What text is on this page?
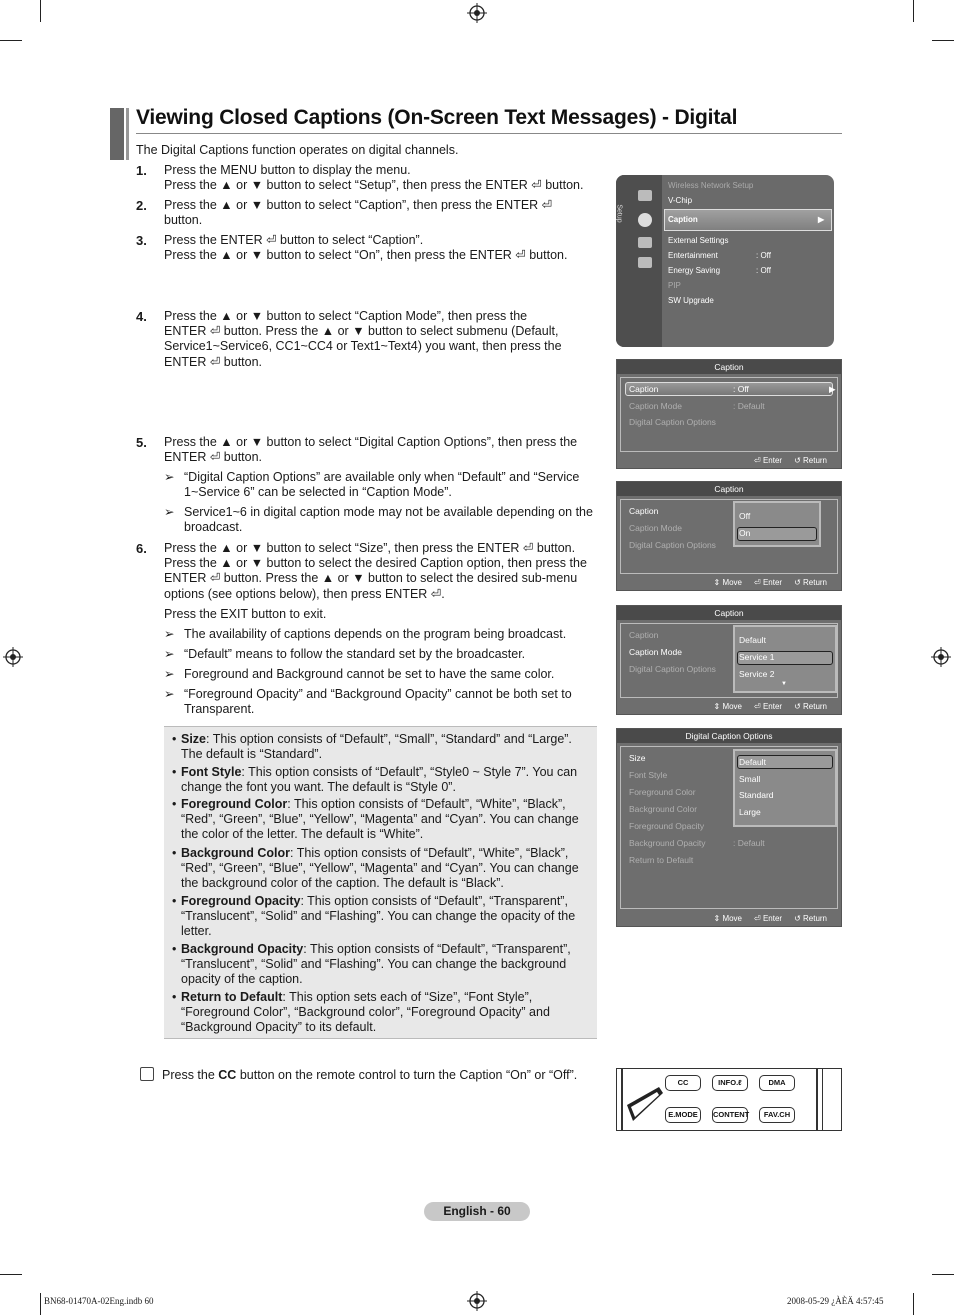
Viewing Closed Captions (On-Screen Text Messages) - Digital
The Digital Captions function operates on digital channels.
1. Press the MENU button to display the menu.
Press the ▲ or ▼ button to select “Setup”, then press the ENTER ⏎ button.
2. Press the ▲ or ▼ button to select “Caption”, then press the ENTER ⏎
button.
3. Press the ENTER ⏎ button to select “Caption”.
Press the ▲ or ▼ button to select “On”, then press the ENTER ⏎ button.
4. Press the ▲ or ▼ button to select “Caption Mode”, then press the
ENTER ⏎ button. Press the ▲ or ▼ button to select submenu (Default,
Service1~Service6, CC1~CC4 or Text1~Text4) you want, then press the
ENTER ⏎ button.
5. Press the ▲ or ▼ button to select “Digital Caption Options”, then press the
ENTER ⏎ button.
➢ “Digital Caption Options” are available only when “Default” and “Service 1~Service 6” can be selected in “Caption Mode”.
➢ Service1~6 in digital caption mode may not be available depending on the broadcast.
6. Press the ▲ or ▼ button to select “Size”, then press the ENTER ⏎ button.
Press the ▲ or ▼ button to select the desired Caption option, then press the
ENTER ⏎ button. Press the ▲ or ▼ button to select the desired sub-menu
options (see options below), then press ENTER ⏎.
Press the EXIT button to exit.
➢ The availability of captions depends on the program being broadcast.
➢ “Default” means to follow the standard set by the broadcaster.
➢ Foreground and Background cannot be set to have the same color.
➢ “Foreground Opacity” and “Background Opacity” cannot be both set to Transparent.
• Size: This option consists of “Default”, “Small”, “Standard” and “Large”. The default is “Standard”.
• Font Style: This option consists of “Default”, “Style0 ~ Style 7”. You can change the font you want. The default is “Style 0”.
• Foreground Color: This option consists of “Default”, “White”, “Black”, “Red”, “Green”, “Blue”, “Yellow”, “Magenta” and “Cyan”. You can change the color of the letter. The default is “White”.
• Background Color: This option consists of “Default”, “White”, “Black”, “Red”, “Green”, “Blue”, “Yellow”, “Magenta” and “Cyan”. You can change the background color of the caption. The default is “Black”.
• Foreground Opacity: This option consists of “Default”, “Transparent”, “Translucent”, “Solid” and “Flashing”. You can change the opacity of the letter.
• Background Opacity: This option consists of “Default”, “Transparent”, “Translucent”, “Solid” and “Flashing”. You can change the background opacity of the caption.
• Return to Default: This option sets each of “Size”, “Font Style”, “Foreground Color”, “Background color”, “Foreground Opacity” and “Background Opacity” to its default.
Press the CC button on the remote control to turn the Caption “On” or “Off”.
Setup
Wireless Network Setup
V-Chip
Caption	▶
External Settings
Entertainment	: Off
Energy Saving	: Off
PIP
SW Upgrade
Caption
Caption	: Off	▶
Caption Mode	: Default
Digital Caption Options
⏎ Enter ↺ Return
Caption
Caption
Caption Mode
Digital Caption Options
Off
On
⇕ Move ⏎ Enter ↺ Return
Caption
Caption
Caption Mode
Digital Caption Options
Default
Service 1
Service 2
▼
⇕ Move ⏎ Enter ↺ Return
Digital Caption Options
Size
Font Style
Foreground Color
Background Color
Foreground Opacity
Background Opacity	: Default
Return to Default
Default
Small
Standard
Large
⇕ Move ⏎ Enter ↺ Return
CC	INFO.ℓ	DMA
E.MODE	CONTENT	FAV.CH
English - 60
BN68-01470A-02Eng.indb 60	2008-05-29 ¿ÀÈÄ 4:57:45
